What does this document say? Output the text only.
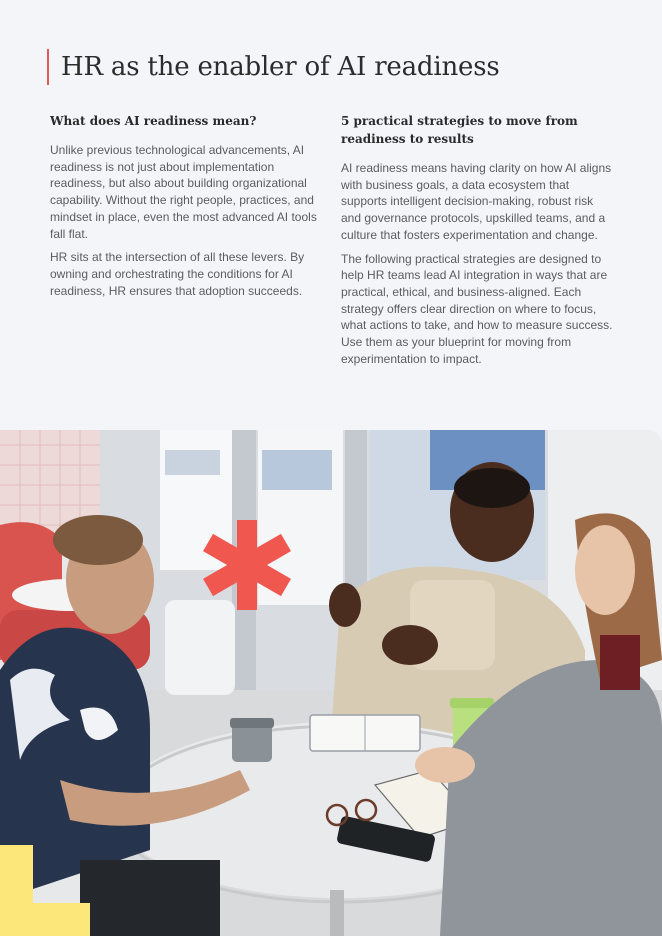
HR as the enabler of AI readiness
What does AI readiness mean?

Unlike previous technological advancements, AI readiness is not just about implementation readiness, but also about building organizational capability. Without the right people, practices, and mindset in place, even the most advanced AI tools fall flat.

HR sits at the intersection of all these levers. By owning and orchestrating the conditions for AI readiness, HR ensures that adoption succeeds.

5 practical strategies to move from readiness to results

AI readiness means having clarity on how AI aligns with business goals, a data ecosystem that supports intelligent decision-making, robust risk and governance protocols, upskilled teams, and a culture that fosters experimentation and change.

The following practical strategies are designed to help HR teams lead AI integration in ways that are practical, ethical, and business-aligned. Each strategy offers clear direction on where to focus, what actions to take, and how to measure success. Use them as your blueprint for moving from experimentation to impact.
